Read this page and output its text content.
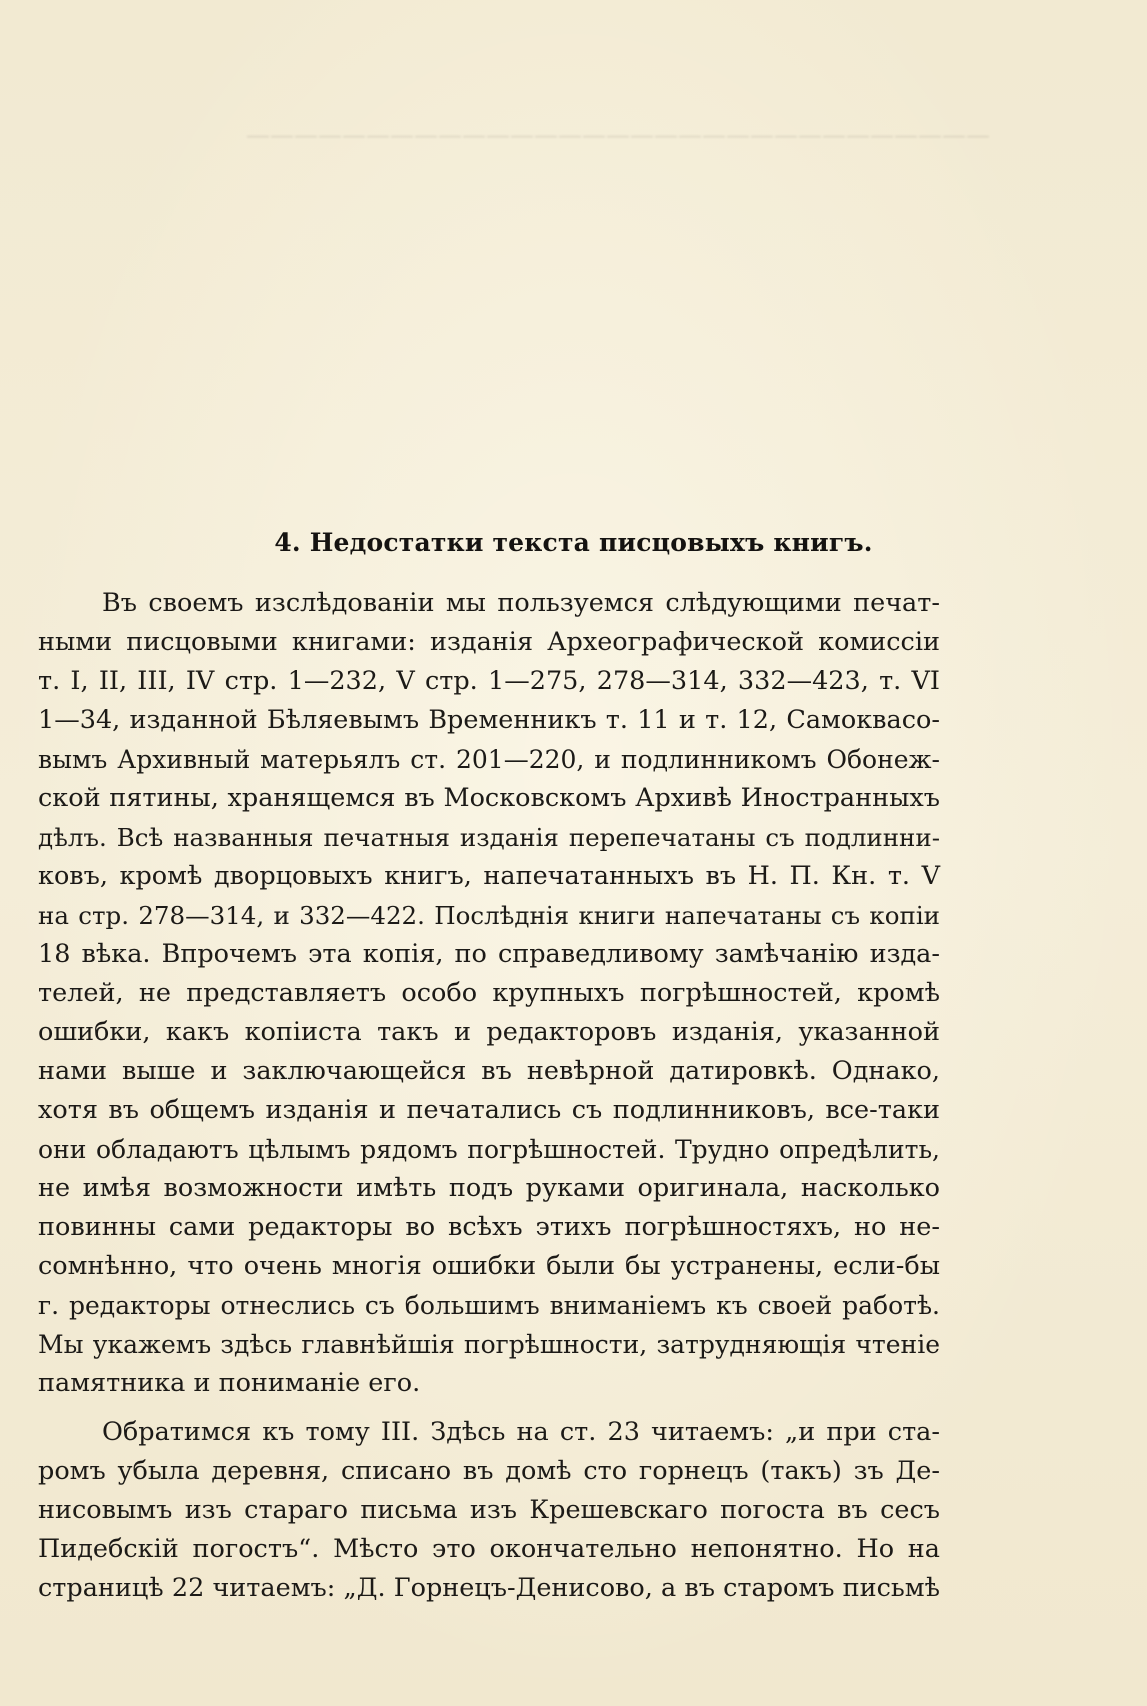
———————————————————————————————
4. Недостатки текста писцовыхъ книгъ.
Въ своемъ изслѣдованіи мы пользуемся слѣдующими печат-
ными писцовыми книгами: изданія Археографической комиссіи
т. I, II, III, IV стр. 1—232, V стр. 1—275, 278—314, 332—423, т. VI
1—34, изданной Бѣляевымъ Временникъ т. 11 и т. 12, Самоквасо-
вымъ Архивный матерьялъ ст. 201—220, и подлинникомъ Обонеж-
ской пятины, хранящемся въ Московскомъ Архивѣ Иностранныхъ
дѣлъ. Всѣ названныя печатныя изданія перепечатаны съ подлинни-
ковъ, кромѣ дворцовыхъ книгъ, напечатанныхъ въ Н. П. Кн. т. V
на стр. 278—314, и 332—422. Послѣднія книги напечатаны съ копіи
18 вѣка. Впрочемъ эта копія, по справедливому замѣчанію изда-
телей, не представляетъ особо крупныхъ погрѣшностей, кромѣ
ошибки, какъ копіиста такъ и редакторовъ изданія, указанной
нами выше и заключающейся въ невѣрной датировкѣ. Однако,
хотя въ общемъ изданія и печатались съ подлинниковъ, все-таки
они обладаютъ цѣлымъ рядомъ погрѣшностей. Трудно опредѣлить,
не имѣя возможности имѣть подъ руками оригинала, насколько
повинны сами редакторы во всѣхъ этихъ погрѣшностяхъ, но не-
сомнѣнно, что очень многія ошибки были бы устранены, если-бы
г. редакторы отнеслись съ большимъ вниманіемъ къ своей работѣ.
Мы укажемъ здѣсь главнѣйшія погрѣшности, затрудняющія чтеніе
памятника и пониманіе его.
Обратимся къ тому III. Здѣсь на ст. 23 читаемъ: „и при ста-
ромъ убыла деревня, списано въ домѣ сто горнецъ (такъ) зъ Де-
нисовымъ изъ стараго письма изъ Крешевскаго погоста въ сесъ
Пидебскій погостъ“. Мѣсто это окончательно непонятно. Но на
страницѣ 22 читаемъ: „Д. Горнецъ-Денисово, а въ старомъ письмѣ
